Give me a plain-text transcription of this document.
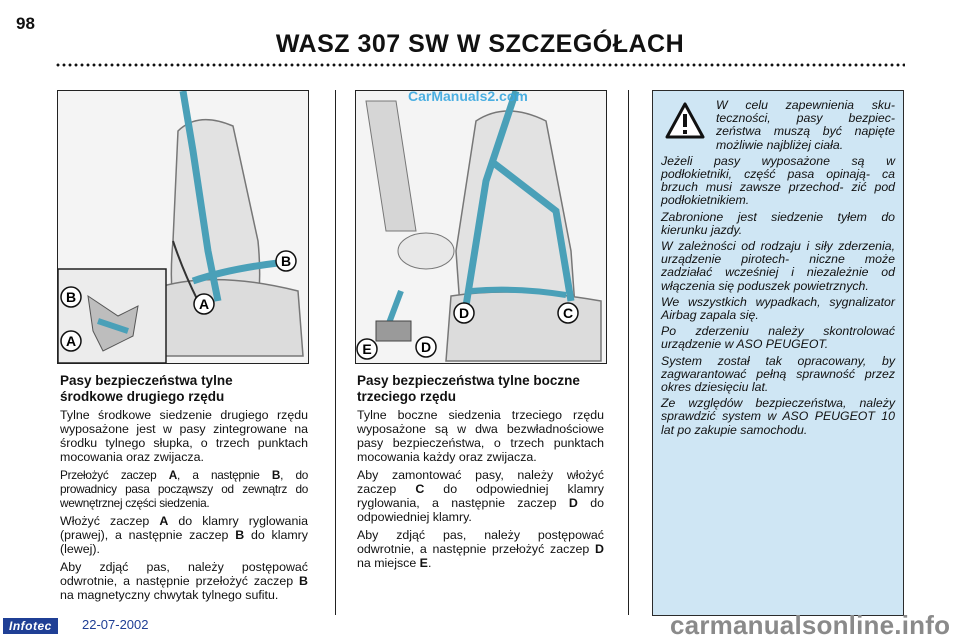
98
WASZ 307 SW W SZCZEGÓŁACH
B
A
B
A
D	C
E	D
CarManuals2.com
Pasy bezpieczeństwa tylne środkowe drugiego rzędu

Tylne środkowe siedzenie drugiego rzędu wyposażone jest w pasy zintegrowane na środku tylnego słupka, o trzech punktach mocowania oraz zwijacza.

Przełożyć zaczep A, a następnie B, do prowadnicy pasa począwszy od zewnątrz do wewnętrznej części siedzenia.

Włożyć zaczep A do klamry ryglowania (prawej), a następnie zaczep B do klamry (lewej).

Aby zdjąć pas, należy postępować odwrotnie, a następnie przełożyć zaczep B na magnetyczny chwytak tylnego sufitu.

Pasy bezpieczeństwa tylne boczne trzeciego rzędu

Tylne boczne siedzenia trzeciego rzędu wyposażone są w dwa bezwładnościowe pasy bezpieczeństwa, o trzech punktach mocowania każdy oraz zwijacza.

Aby zamontować pasy, należy włożyć zaczep C do odpowiedniej klamry ryglowania, a następnie zaczep D do odpowiedniej klamry.

Aby zdjąć pas, należy postępować odwrotnie, a następnie przełożyć zaczep D na miejsce E.

W celu zapewnienia sku- teczności, pasy bezpiec- zeństwa muszą być napięte możliwie najbliżej ciała.

Jeżeli pasy wyposażone są w podłokietniki, część pasa opinają- ca brzuch musi zawsze przechod- zić pod podłokietnikiem.

Zabronione jest siedzenie tyłem do kierunku jazdy.

W zależności od rodzaju i siły zderzenia, urządzenie pirotech- niczne może zadziałać wcześniej i niezależnie od włączenia się poduszek powietrznych.

We wszystkich wypadkach, sygnalizator Airbag zapala się.

Po zderzeniu należy skontrolować urządzenie w ASO PEUGEOT.

System został tak opracowany, by zagwarantować pełną sprawność przez okres dziesięciu lat.

Ze względów bezpieczeństwa, należy sprawdzić system w ASO PEUGEOT 10 lat po zakupie samochodu.

Infotec	22-07-2002	carmanualsonline.info
